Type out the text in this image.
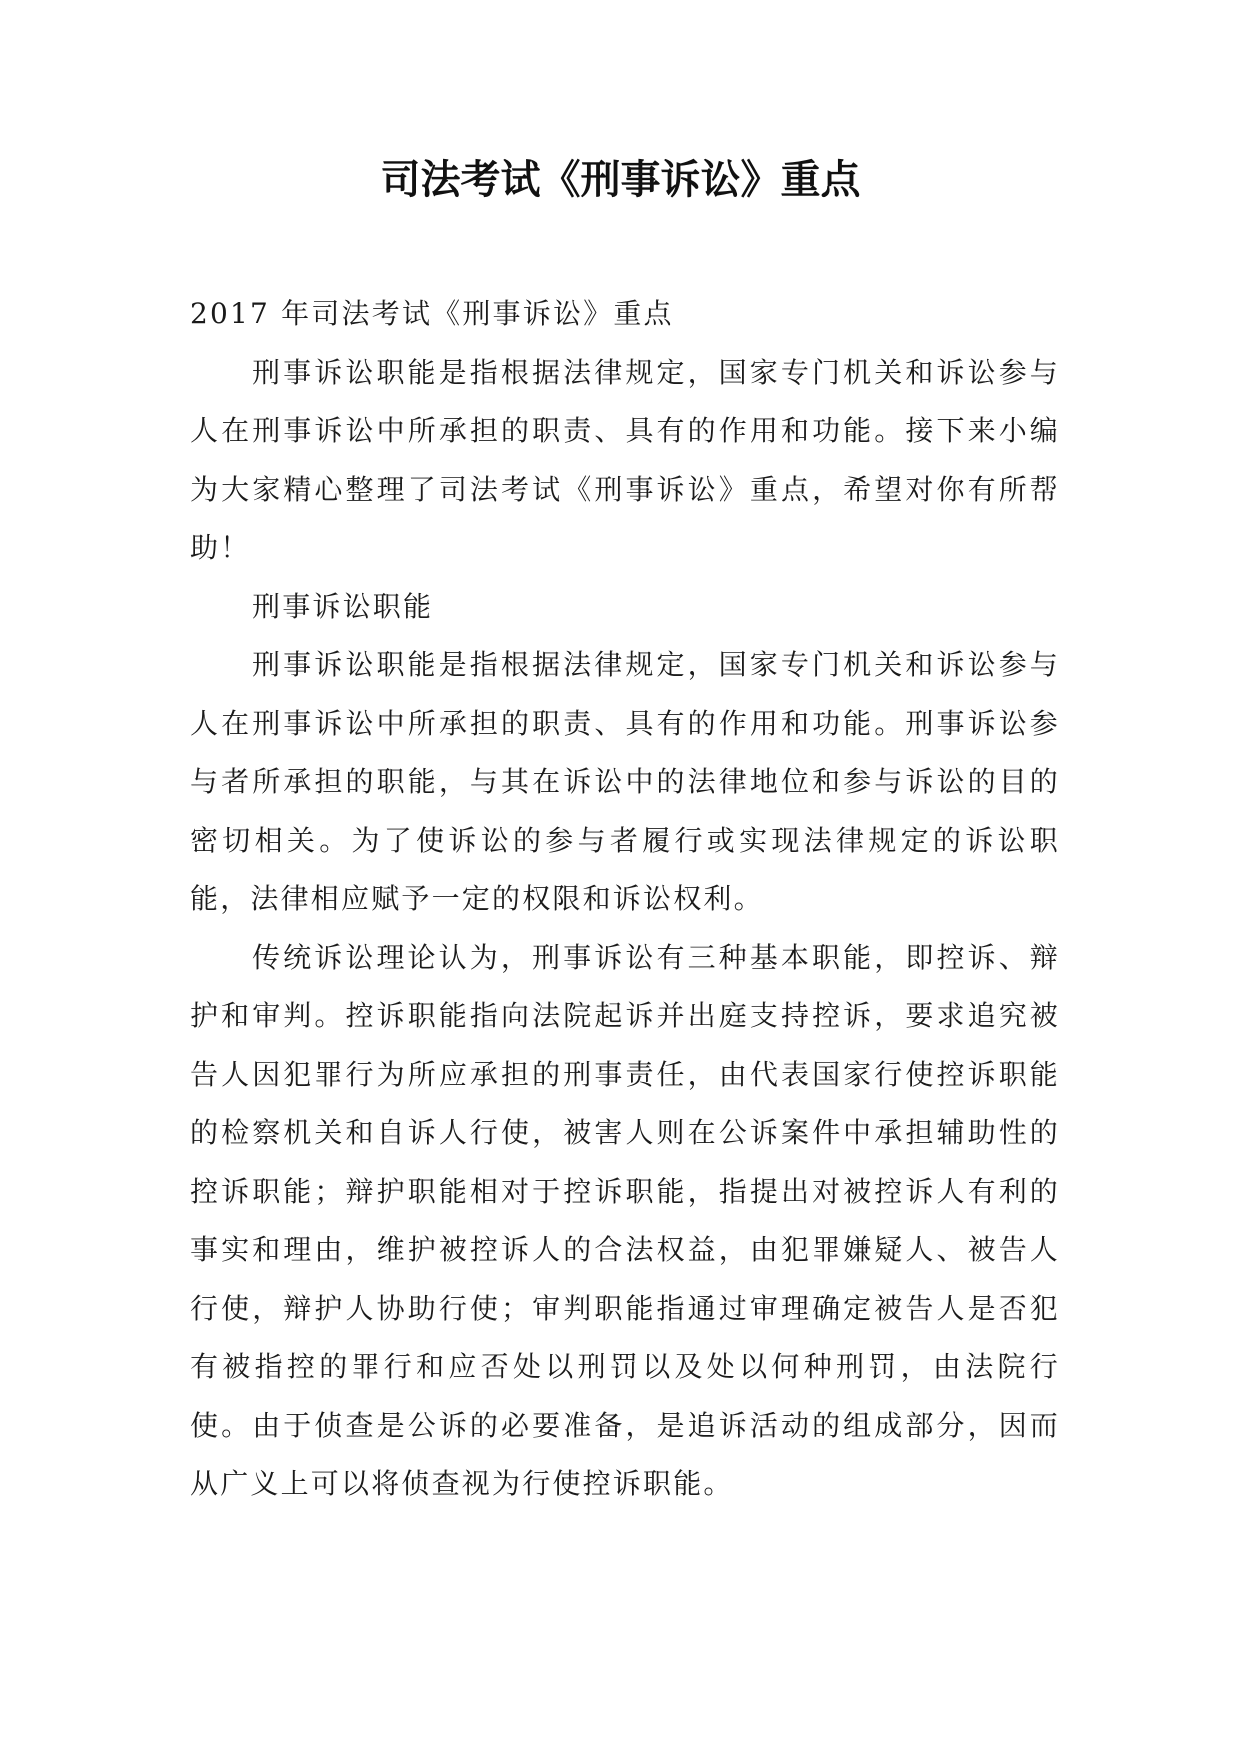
司法考试《刑事诉讼》重点

2017 年司法考试《刑事诉讼》重点

刑事诉讼职能是指根据法律规定，国家专门机关和诉讼参与人在刑事诉讼中所承担的职责、具有的作用和功能。接下来小编为大家精心整理了司法考试《刑事诉讼》重点，希望对你有所帮助！

刑事诉讼职能

刑事诉讼职能是指根据法律规定，国家专门机关和诉讼参与人在刑事诉讼中所承担的职责、具有的作用和功能。刑事诉讼参与者所承担的职能，与其在诉讼中的法律地位和参与诉讼的目的密切相关。为了使诉讼的参与者履行或实现法律规定的诉讼职能，法律相应赋予一定的权限和诉讼权利。

传统诉讼理论认为，刑事诉讼有三种基本职能，即控诉、辩护和审判。控诉职能指向法院起诉并出庭支持控诉，要求追究被告人因犯罪行为所应承担的刑事责任，由代表国家行使控诉职能的检察机关和自诉人行使，被害人则在公诉案件中承担辅助性的控诉职能；辩护职能相对于控诉职能，指提出对被控诉人有利的事实和理由，维护被控诉人的合法权益，由犯罪嫌疑人、被告人行使，辩护人协助行使；审判职能指通过审理确定被告人是否犯有被指控的罪行和应否处以刑罚以及处以何种刑罚，由法院行使。由于侦查是公诉的必要准备，是追诉活动的组成部分，因而从广义上可以将侦查视为行使控诉职能。
